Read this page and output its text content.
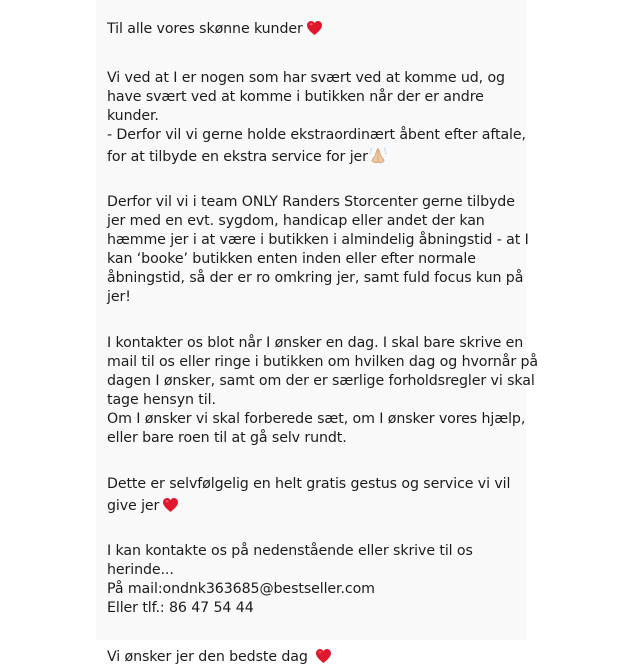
Til alle vores skønne kunder
Vi ved at I er nogen som har svært ved at komme ud, og
have svært ved at komme i butikken når der er andre
kunder.
- Derfor vil vi gerne holde ekstraordinært åbent efter aftale,
for at tilbyde en ekstra service for jer
Derfor vil vi i team ONLY Randers Storcenter gerne tilbyde
jer med en evt. sygdom, handicap eller andet der kan
hæmme jer i at være i butikken i almindelig åbningstid - at I
kan ‘booke’ butikken enten inden eller efter normale
åbningstid, så der er ro omkring jer, samt fuld focus kun på
jer!
I kontakter os blot når I ønsker en dag. I skal bare skrive en
mail til os eller ringe i butikken om hvilken dag og hvornår på
dagen I ønsker, samt om der er særlige forholdsregler vi skal
tage hensyn til.
Om I ønsker vi skal forberede sæt, om I ønsker vores hjælp,
eller bare roen til at gå selv rundt.
Dette er selvfølgelig en helt gratis gestus og service vi vil
give jer
I kan kontakte os på nedenstående eller skrive til os
herinde...
På mail:ondnk363685@bestseller.com
Eller tlf.: 86 47 54 44
Vi ønsker jer den bedste dag
